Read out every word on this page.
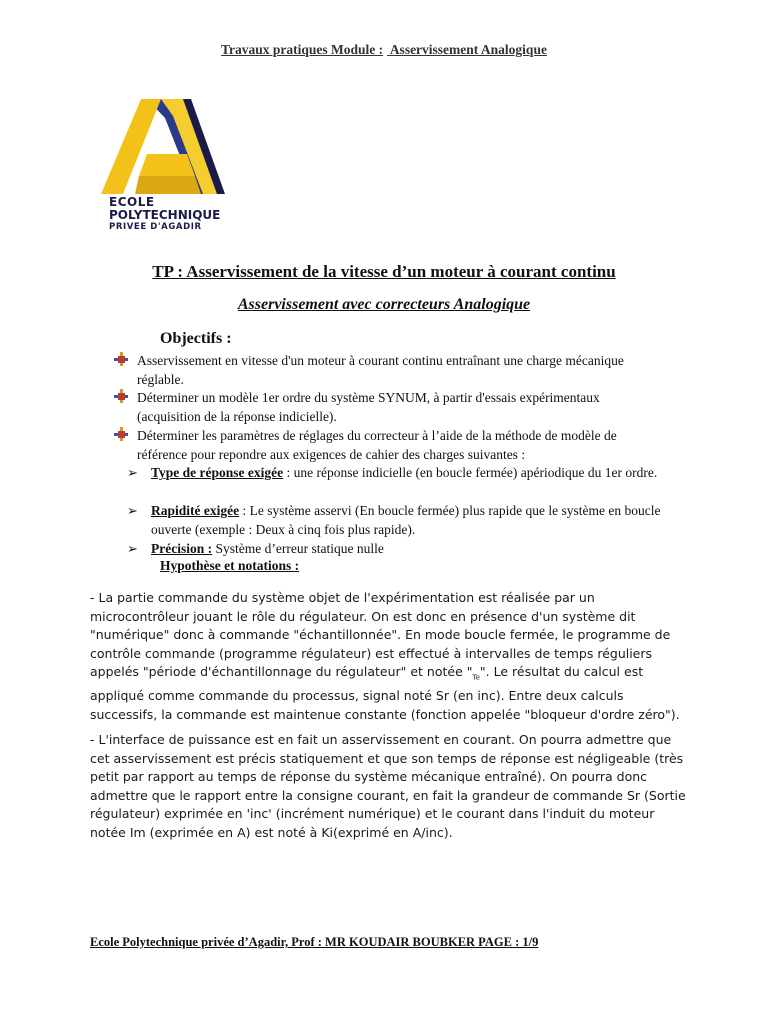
Travaux pratiques Module : Asservissement Analogique
ECOLE
POLYTECHNIQUE
PRIVEE D'AGADIR
TP : Asservissement de la vitesse d’un moteur à courant continu
Asservissement avec correcteurs Analogique
Objectifs :
Asservissement en vitesse d'un moteur à courant continu entraînant une charge mécanique réglable.
Déterminer un modèle 1er ordre du système SYNUM, à partir d'essais expérimentaux (acquisition de la réponse indicielle).
Déterminer les paramètres de réglages du correcteur à l’aide de la méthode de modèle de référence pour repondre aux exigences de cahier des charges suivantes :
➢ Type de réponse exigée : une réponse indicielle (en boucle fermée) apériodique du 1er ordre.
➢ Rapidité exigée : Le système asservi (En boucle fermée) plus rapide que le système en boucle ouverte (exemple : Deux à cinq fois plus rapide).
➢ Précision : Système d’erreur statique nulle
Hypothèse et notations :
- La partie commande du système objet de l'expérimentation est réalisée par un microcontrôleur jouant le rôle du régulateur. On est donc en présence d'un système dit "numérique" donc à commande "échantillonnée". En mode boucle fermée, le programme de contrôle commande (programme régulateur) est effectué à intervalles de temps réguliers appelés "période d'échantillonnage du régulateur" et notée "$_{Te}$". Le résultat du calcul est appliqué comme commande du processus, signal noté Sr (en inc). Entre deux calculs successifs, la commande est maintenue constante (fonction appelée "bloqueur d'ordre zéro").
- L'interface de puissance est en fait un asservissement en courant. On pourra admettre que cet asservissement est précis statiquement et que son temps de réponse est négligeable (très petit par rapport au temps de réponse du système mécanique entraîné). On pourra donc admettre que le rapport entre la consigne courant, en fait la grandeur de commande Sr (Sortie régulateur) exprimée en 'inc' (incrément numérique) et le courant dans l'induit du moteur notée Im (exprimée en A) est noté à Ki(exprimé en A/inc).
Ecole Polytechnique privée d’Agadir, Prof : MR KOUDAIR BOUBKER PAGE : 1/9
